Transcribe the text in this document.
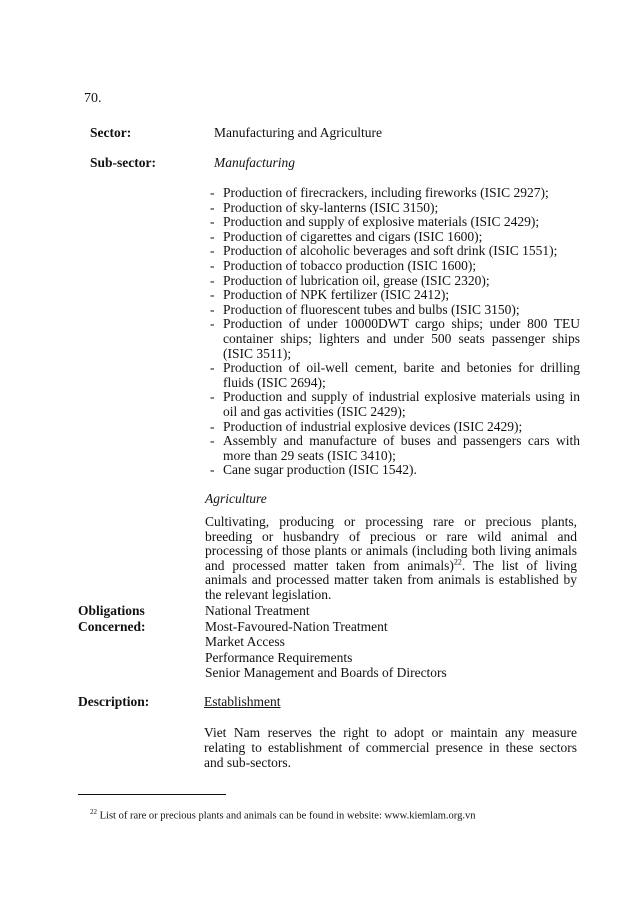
70.

Sector:	Manufacturing and Agriculture

Sub-sector:	Manufacturing

- Production of firecrackers, including fireworks (ISIC 2927);
- Production of sky-lanterns (ISIC 3150);
- Production and supply of explosive materials (ISIC 2429);
- Production of cigarettes and cigars (ISIC 1600);
- Production of alcoholic beverages and soft drink (ISIC 1551);
- Production of tobacco production (ISIC 1600);
- Production of lubrication oil, grease (ISIC 2320);
- Production of NPK fertilizer (ISIC 2412);
- Production of fluorescent tubes and bulbs (ISIC 3150);
- Production of under 10000DWT cargo ships; under 800 TEU container ships; lighters and under 500 seats passenger ships (ISIC 3511);
- Production of oil-well cement, barite and betonies for drilling fluids (ISIC 2694);
- Production and supply of industrial explosive materials using in oil and gas activities (ISIC 2429);
- Production of industrial explosive devices (ISIC 2429);
- Assembly and manufacture of buses and passengers cars with more than 29 seats (ISIC 3410);
- Cane sugar production (ISIC 1542).

Agriculture

Cultivating, producing or processing rare or precious plants, breeding or husbandry of precious or rare wild animal and processing of those plants or animals (including both living animals and processed matter taken from animals)$^{22}$. The list of living animals and processed matter taken from animals is established by the relevant legislation.

Obligations
Concerned:

National Treatment
Most-Favoured-Nation Treatment
Market Access
Performance Requirements
Senior Management and Boards of Directors

Description:	Establishment

Viet Nam reserves the right to adopt or maintain any measure relating to establishment of commercial presence in these sectors and sub-sectors.

$^{22}$ List of rare or precious plants and animals can be found in website: www.kiemlam.org.vn
